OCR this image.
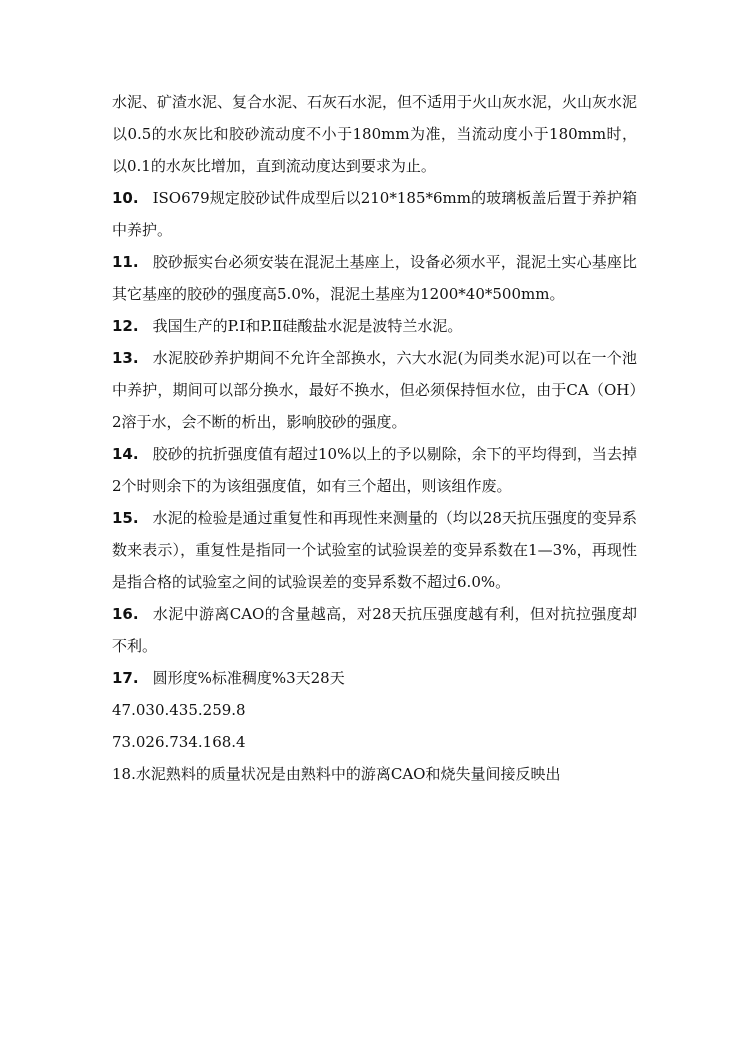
水泥、矿渣水泥、复合水泥、石灰石水泥，但不适用于火山灰水泥，火山灰水泥以0.5的水灰比和胶砂流动度不小于180mm为准，当流动度小于180mm时，以0.1的水灰比增加，直到流动度达到要求为止。

10. ISO679规定胶砂试件成型后以210*185*6mm的玻璃板盖后置于养护箱中养护。

11. 胶砂振实台必须安装在混泥土基座上，设备必须水平，混泥土实心基座比其它基座的胶砂的强度高5.0%，混泥土基座为1200*40*500mm。

12. 我国生产的P.I和P.Ⅱ硅酸盐水泥是波特兰水泥。

13. 水泥胶砂养护期间不允许全部换水，六大水泥(为同类水泥)可以在一个池中养护，期间可以部分换水，最好不换水，但必须保持恒水位，由于CA（OH）2溶于水，会不断的析出，影响胶砂的强度。

14. 胶砂的抗折强度值有超过10%以上的予以剔除，余下的平均得到，当去掉2个时则余下的为该组强度值，如有三个超出，则该组作废。

15. 水泥的检验是通过重复性和再现性来测量的（均以28天抗压强度的变异系数来表示），重复性是指同一个试验室的试验误差的变异系数在1—3%，再现性是指合格的试验室之间的试验误差的变异系数不超过6.0%。

16. 水泥中游离CAO的含量越高，对28天抗压强度越有利，但对抗拉强度却不利。

17. 圆形度%标准稠度%3天28天

47.030.435.259.8

73.026.734.168.4

18.水泥熟料的质量状况是由熟料中的游离CAO和烧失量间接反映出
